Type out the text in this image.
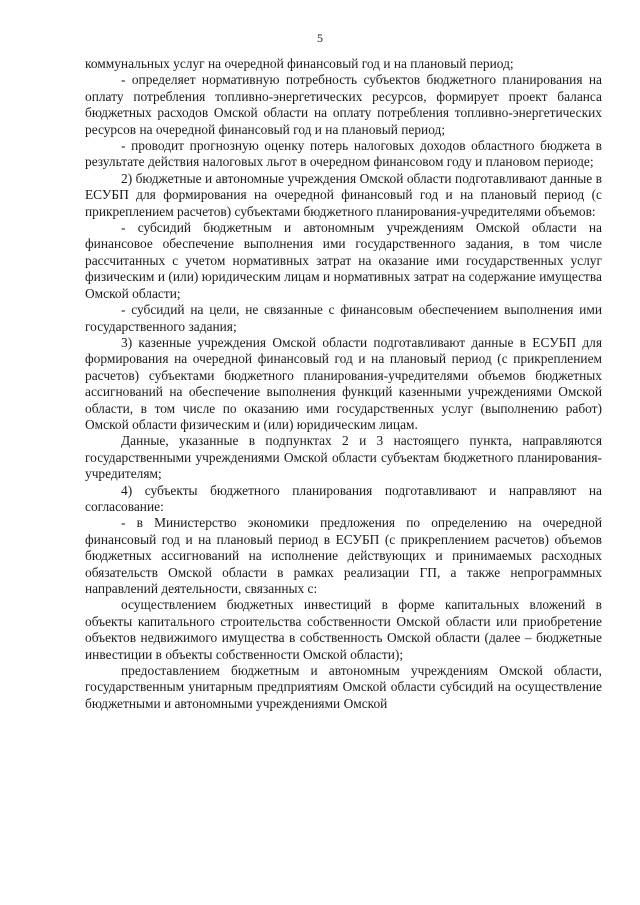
5

коммунальных услуг на очередной финансовый год и на плановый период;

- определяет нормативную потребность субъектов бюджетного планирования на оплату потребления топливно-энергетических ресурсов, формирует проект баланса бюджетных расходов Омской области на оплату потребления топливно-энергетических ресурсов на очередной финансовый год и на плановый период;

- проводит прогнозную оценку потерь налоговых доходов областного бюджета в результате действия налоговых льгот в очередном финансовом году и плановом периоде;

2) бюджетные и автономные учреждения Омской области подготавливают данные в ЕСУБП для формирования на очередной финансовый год и на плановый период (с прикреплением расчетов) субъектами бюджетного планирования-учредителями объемов:

- субсидий бюджетным и автономным учреждениям Омской области на финансовое обеспечение выполнения ими государственного задания, в том числе рассчитанных с учетом нормативных затрат на оказание ими государственных услуг физическим и (или) юридическим лицам и нормативных затрат на содержание имущества Омской области;

- субсидий на цели, не связанные с финансовым обеспечением выполнения ими государственного задания;

3) казенные учреждения Омской области подготавливают данные в ЕСУБП для формирования на очередной финансовый год и на плановый период (с прикреплением расчетов) субъектами бюджетного планирования-учредителями объемов бюджетных ассигнований на обеспечение выполнения функций казенными учреждениями Омской области, в том числе по оказанию ими государственных услуг (выполнению работ) Омской области физическим и (или) юридическим лицам.

Данные, указанные в подпунктах 2 и 3 настоящего пункта, направляются государственными учреждениями Омской области субъектам бюджетного планирования-учредителям;

4) субъекты бюджетного планирования подготавливают и направляют на согласование:

- в Министерство экономики предложения по определению на очередной финансовый год и на плановый период в ЕСУБП (с прикреплением расчетов) объемов бюджетных ассигнований на исполнение действующих и принимаемых расходных обязательств Омской области в рамках реализации ГП, а также непрограммных направлений деятельности, связанных с:

осуществлением бюджетных инвестиций в форме капитальных вложений в объекты капитального строительства собственности Омской области или приобретение объектов недвижимого имущества в собственность Омской области (далее – бюджетные инвестиции в объекты собственности Омской области);

предоставлением бюджетным и автономным учреждениям Омской области, государственным унитарным предприятиям Омской области субсидий на осуществление бюджетными и автономными учреждениями Омской
